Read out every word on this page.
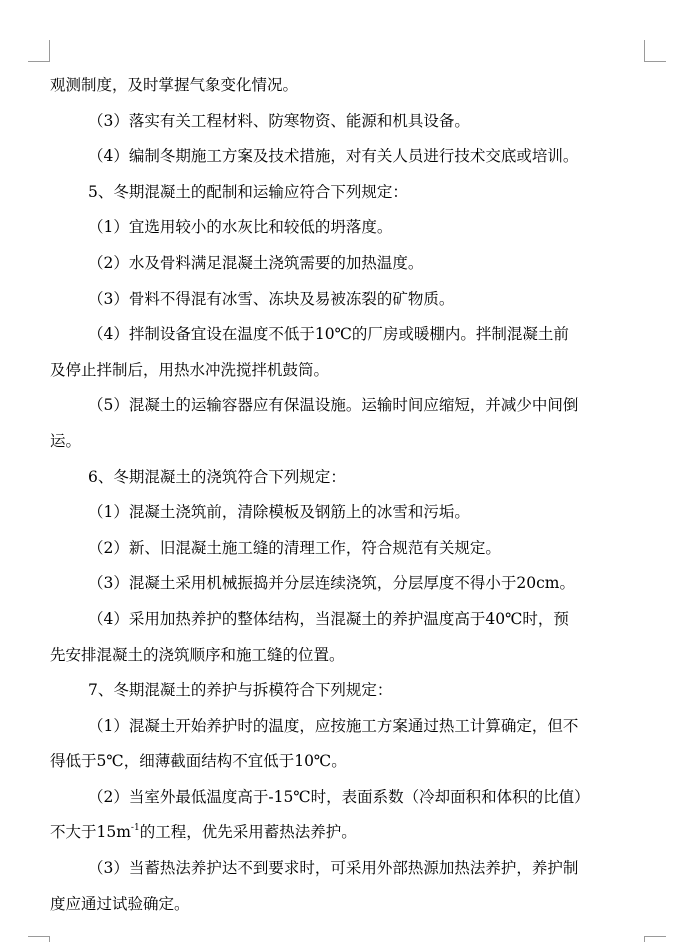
观测制度，及时掌握气象变化情况。
（3）落实有关工程材料、防寒物资、能源和机具设备。
（4）编制冬期施工方案及技术措施，对有关人员进行技术交底或培训。
5、冬期混凝土的配制和运输应符合下列规定：
（1）宜选用较小的水灰比和较低的坍落度。
（2）水及骨料满足混凝土浇筑需要的加热温度。
（3）骨料不得混有冰雪、冻块及易被冻裂的矿物质。
（4）拌制设备宜设在温度不低于10℃的厂房或暖棚内。拌制混凝土前
及停止拌制后，用热水冲洗搅拌机鼓筒。
（5）混凝土的运输容器应有保温设施。运输时间应缩短，并减少中间倒
运。
6、冬期混凝土的浇筑符合下列规定：
（1）混凝土浇筑前，清除模板及钢筋上的冰雪和污垢。
（2）新、旧混凝土施工缝的清理工作，符合规范有关规定。
（3）混凝土采用机械振捣并分层连续浇筑，分层厚度不得小于20cm。
（4）采用加热养护的整体结构，当混凝土的养护温度高于40℃时，预
先安排混凝土的浇筑顺序和施工缝的位置。
7、冬期混凝土的养护与拆模符合下列规定：
（1）混凝土开始养护时的温度，应按施工方案通过热工计算确定，但不
得低于5℃，细薄截面结构不宜低于10℃。
（2）当室外最低温度高于-15℃时，表面系数（冷却面积和体积的比值）
不大于$15m^{-1}$的工程，优先采用蓄热法养护。
（3）当蓄热法养护达不到要求时，可采用外部热源加热法养护，养护制
度应通过试验确定。
